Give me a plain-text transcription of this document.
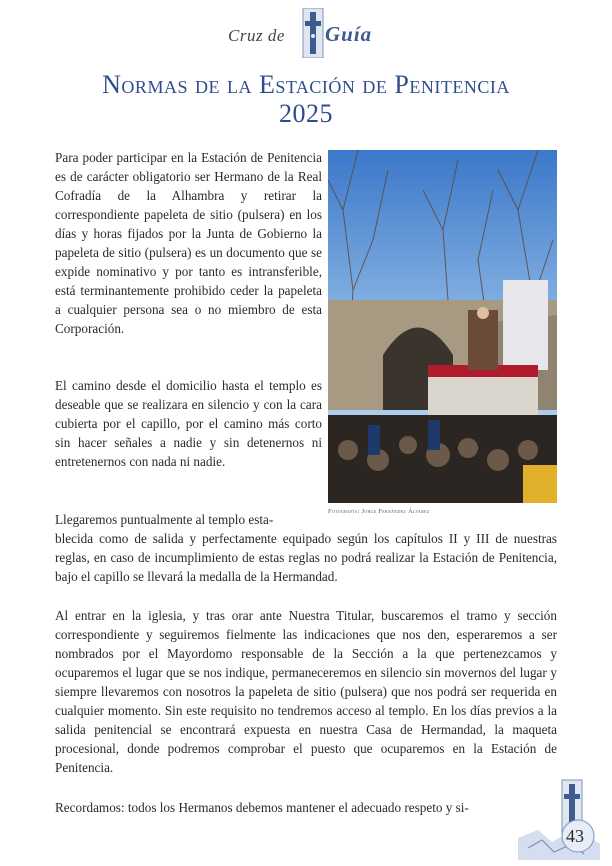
Cruz de Guía
Normas de la Estación de Penitencia
2025

Para poder participar en la Estación de Penitencia es de carácter obligatorio ser Hermano de la Real Cofradía de la Alhambra y retirar la correspondiente papeleta de sitio (pulsera) en los días y horas fijados por la Junta de Gobierno la papeleta de sitio (pulsera) es un documento que se expide nominativo y por tanto es intransferible, está terminantemente prohibido ceder la papeleta a cualquier persona sea o no miembro de esta Corporación.

El camino desde el domicilio hasta el templo es deseable que se realizara en silencio y con la cara cubierta por el capillo, por el camino más corto sin hacer señales a nadie y sin detenernos ni entretenernos con nada ni nadie.

Llegaremos puntualmente al templo esta-

Fotografía: Jorge Fernández Álvarez

blecida como de salida y perfectamente equipado según los capítulos II y III de nuestras reglas, en caso de incumplimiento de estas reglas no podrá realizar la Estación de Penitencia, bajo el capillo se llevará la medalla de la Hermandad.

Al entrar en la iglesia, y tras orar ante Nuestra Titular, buscaremos el tramo y sección correspondiente y seguiremos fielmente las indicaciones que nos den, esperaremos a ser nombrados por el Mayordomo responsable de la Sección a la que pertenezcamos y ocuparemos el lugar que se nos indique, permaneceremos en silencio sin movernos del lugar y siempre llevaremos con nosotros la papeleta de sitio (pulsera) que nos podrá ser requerida en cualquier momento. Sin este requisito no tendremos acceso al templo. En los días previos a la salida penitencial se encontrará expuesta en nuestra Casa de Hermandad, la maqueta procesional, donde podremos comprobar el puesto que ocuparemos en la Estación de Penitencia.

Recordamos: todos los Hermanos debemos mantener el adecuado respeto y si-

43
